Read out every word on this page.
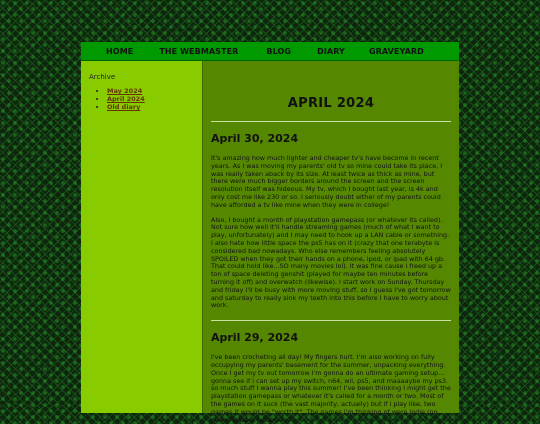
HOME	THE WEBMASTER	BLOG	DIARY	GRAVEYARD
Archive
• May 2024
• April 2024
• Old diary	APRIL 2024
April 30, 2024

It's amazing how much lighter and cheaper tv's have become in recent years. As I was moving my parents' old tv so mine could take its place, I was really taken aback by its size. At least twice as thick as mine, but there were much bigger borders around the screen and the screen resolution itself was hideous. My tv, which I bought last year, is 4k and only cost me like 230 or so. I seriously doubt either of my parents could have afforded a tv like mine when they were in college!

Also, I bought a month of playstation gamepass (or whatever its called). Not sure how well it'll handle streaming games (much of what I want to play, unfortunately) and I may need to hook up a LAN cable or something. I also hate how little space the ps5 has on it (crazy that one terabyte is considered bad nowadays. Who else remembers feeling absolutely SPOILED when they got their hands on a phone, ipod, or ipad with 64 gb. That could hold like...SO many movies lol). It was fine cause i freed up a ton of space deleting genshit (played for maybe ten minutes before turning it off) and overwatch (likewise). I start work on Sunday. Thursday and friday I'll be busy with more moving stuff, so I guess I've got tomorrow and saturday to really sink my teeth into this before I have to worry about work.

April 29, 2024

I've been crocheting all day! My fingers hurt. I'm also working on fully occupying my parents' basement for the summer, unpacking everything. Once I get my tv out tomorrow I'm gonna do an ultimate gaming setup... gonna see if i can set up my switch, n64, wii, ps5, and maaaaybe my ps3. so much stuff I wanna play this summer! I've been thinking I might get the playstation gamepass or whatever it's called for a month or two. Most of the games on it suck (the vast majority, actually) but if i play like, two games it would be "worth it". The games i'm thinking of were indie (no ghue release) exclusive to
